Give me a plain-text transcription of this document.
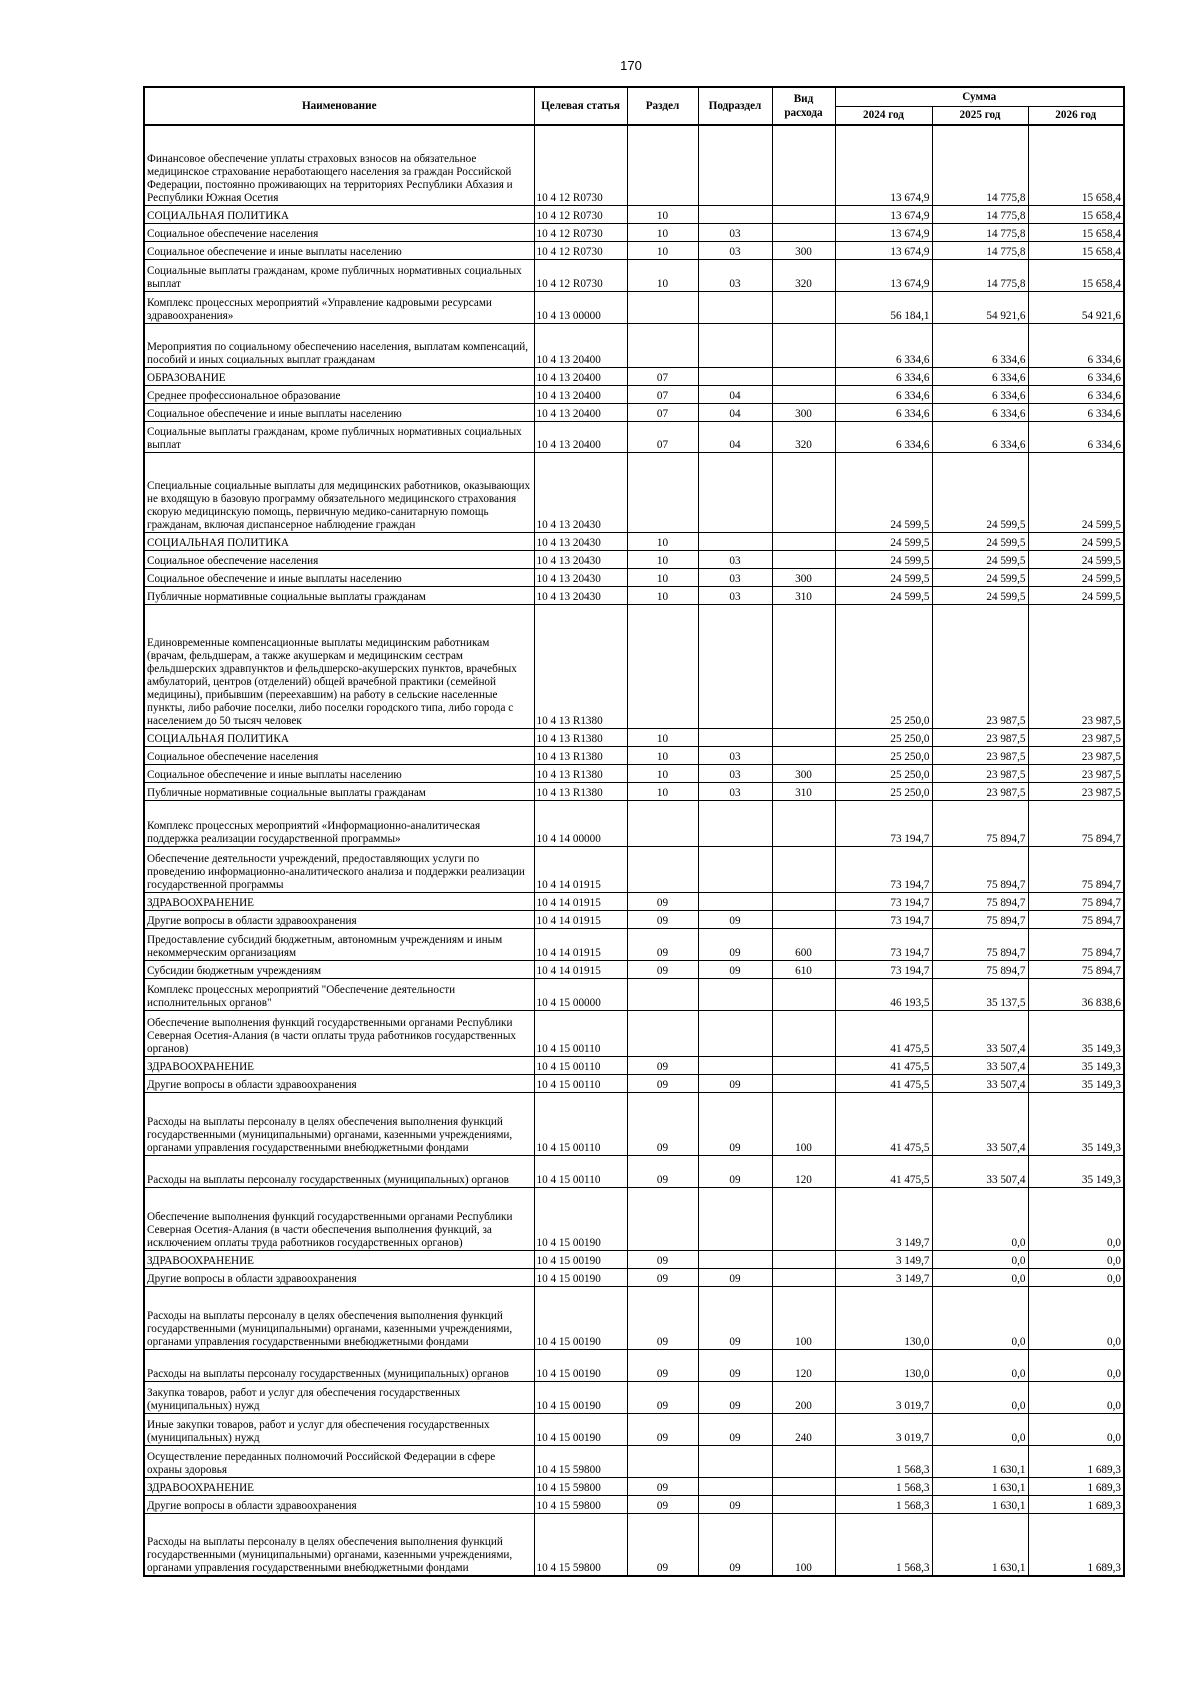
170
Наименование	Целевая статья	Раздел	Подраздел	Вид расхода	Сумма		
					2024 год	2025 год	2026 год
Финансовое обеспечение уплаты страховых взносов на обязательное медицинское страхование неработающего населения за граждан Российской Федерации, постоянно проживающих на территориях Республики Абхазия и Республики Южная Осетия	10 4 12 R0730				13 674,9	14 775,8	15 658,4
СОЦИАЛЬНАЯ ПОЛИТИКА	10 4 12 R0730	10			13 674,9	14 775,8	15 658,4
Социальное обеспечение населения	10 4 12 R0730	10	03		13 674,9	14 775,8	15 658,4
Социальное обеспечение и иные выплаты населению	10 4 12 R0730	10	03	300	13 674,9	14 775,8	15 658,4
Социальные выплаты гражданам, кроме публичных нормативных социальных выплат	10 4 12 R0730	10	03	320	13 674,9	14 775,8	15 658,4
Комплекс процессных мероприятий «Управление кадровыми ресурсами здравоохранения»	10 4 13 00000				56 184,1	54 921,6	54 921,6
Мероприятия по социальному обеспечению населения, выплатам компенсаций, пособий и иных социальных выплат гражданам	10 4 13 20400				6 334,6	6 334,6	6 334,6
ОБРАЗОВАНИЕ	10 4 13 20400	07			6 334,6	6 334,6	6 334,6
Среднее профессиональное образование	10 4 13 20400	07	04		6 334,6	6 334,6	6 334,6
Социальное обеспечение и иные выплаты населению	10 4 13 20400	07	04	300	6 334,6	6 334,6	6 334,6
Социальные выплаты гражданам, кроме публичных нормативных социальных выплат	10 4 13 20400	07	04	320	6 334,6	6 334,6	6 334,6
Специальные социальные выплаты для медицинских работников, оказывающих не входящую в базовую программу обязательного медицинского страхования скорую медицинскую помощь, первичную медико-санитарную помощь гражданам, включая диспансерное наблюдение граждан	10 4 13 20430				24 599,5	24 599,5	24 599,5
СОЦИАЛЬНАЯ ПОЛИТИКА	10 4 13 20430	10			24 599,5	24 599,5	24 599,5
Социальное обеспечение населения	10 4 13 20430	10	03		24 599,5	24 599,5	24 599,5
Социальное обеспечение и иные выплаты населению	10 4 13 20430	10	03	300	24 599,5	24 599,5	24 599,5
Публичные нормативные социальные выплаты гражданам	10 4 13 20430	10	03	310	24 599,5	24 599,5	24 599,5
Единовременные компенсационные выплаты медицинским работникам (врачам, фельдшерам, а также акушеркам и медицинским сестрам фельдшерских здравпунктов и фельдшерско-акушерских пунктов, врачебных амбулаторий, центров (отделений) общей врачебной практики (семейной медицины), прибывшим (переехавшим) на работу в сельские населенные пункты, либо рабочие поселки, либо поселки городского типа, либо города с населением до 50 тысяч человек	10 4 13 R1380				25 250,0	23 987,5	23 987,5
СОЦИАЛЬНАЯ ПОЛИТИКА	10 4 13 R1380	10			25 250,0	23 987,5	23 987,5
Социальное обеспечение населения	10 4 13 R1380	10	03		25 250,0	23 987,5	23 987,5
Социальное обеспечение и иные выплаты населению	10 4 13 R1380	10	03	300	25 250,0	23 987,5	23 987,5
Публичные нормативные социальные выплаты гражданам	10 4 13 R1380	10	03	310	25 250,0	23 987,5	23 987,5
Комплекс процессных мероприятий «Информационно-аналитическая поддержка реализации государственной программы»	10 4 14 00000				73 194,7	75 894,7	75 894,7
Обеспечение деятельности учреждений, предоставляющих услуги по проведению информационно-аналитического анализа и поддержки реализации государственной программы	10 4 14 01915				73 194,7	75 894,7	75 894,7
ЗДРАВООХРАНЕНИЕ	10 4 14 01915	09			73 194,7	75 894,7	75 894,7
Другие вопросы в области здравоохранения	10 4 14 01915	09	09		73 194,7	75 894,7	75 894,7
Предоставление субсидий бюджетным, автономным учреждениям и иным некоммерческим организациям	10 4 14 01915	09	09	600	73 194,7	75 894,7	75 894,7
Субсидии бюджетным учреждениям	10 4 14 01915	09	09	610	73 194,7	75 894,7	75 894,7
Комплекс процессных мероприятий "Обеспечение деятельности исполнительных органов"	10 4 15 00000				46 193,5	35 137,5	36 838,6
Обеспечение выполнения функций государственными органами Республики Северная Осетия-Алания (в части оплаты труда работников государственных органов)	10 4 15 00110				41 475,5	33 507,4	35 149,3
ЗДРАВООХРАНЕНИЕ	10 4 15 00110	09			41 475,5	33 507,4	35 149,3
Другие вопросы в области здравоохранения	10 4 15 00110	09	09		41 475,5	33 507,4	35 149,3
Расходы на выплаты персоналу в целях обеспечения выполнения функций государственными (муниципальными) органами, казенными учреждениями, органами управления государственными внебюджетными фондами	10 4 15 00110	09	09	100	41 475,5	33 507,4	35 149,3
Расходы на выплаты персоналу государственных (муниципальных) органов	10 4 15 00110	09	09	120	41 475,5	33 507,4	35 149,3
Обеспечение выполнения функций государственными органами Республики Северная Осетия-Алания (в части обеспечения выполнения функций, за исключением оплаты труда работников государственных органов)	10 4 15 00190				3 149,7	0,0	0,0
ЗДРАВООХРАНЕНИЕ	10 4 15 00190	09			3 149,7	0,0	0,0
Другие вопросы в области здравоохранения	10 4 15 00190	09	09		3 149,7	0,0	0,0
Расходы на выплаты персоналу в целях обеспечения выполнения функций государственными (муниципальными) органами, казенными учреждениями, органами управления государственными внебюджетными фондами	10 4 15 00190	09	09	100	130,0	0,0	0,0
Расходы на выплаты персоналу государственных (муниципальных) органов	10 4 15 00190	09	09	120	130,0	0,0	0,0
Закупка товаров, работ и услуг для обеспечения государственных (муниципальных) нужд	10 4 15 00190	09	09	200	3 019,7	0,0	0,0
Иные закупки товаров, работ и услуг для обеспечения государственных (муниципальных) нужд	10 4 15 00190	09	09	240	3 019,7	0,0	0,0
Осуществление переданных полномочий Российской Федерации в сфере охраны здоровья	10 4 15 59800				1 568,3	1 630,1	1 689,3
ЗДРАВООХРАНЕНИЕ	10 4 15 59800	09			1 568,3	1 630,1	1 689,3
Другие вопросы в области здравоохранения	10 4 15 59800	09	09		1 568,3	1 630,1	1 689,3
Расходы на выплаты персоналу в целях обеспечения выполнения функций государственными (муниципальными) органами, казенными учреждениями, органами управления государственными внебюджетными фондами	10 4 15 59800	09	09	100	1 568,3	1 630,1	1 689,3
